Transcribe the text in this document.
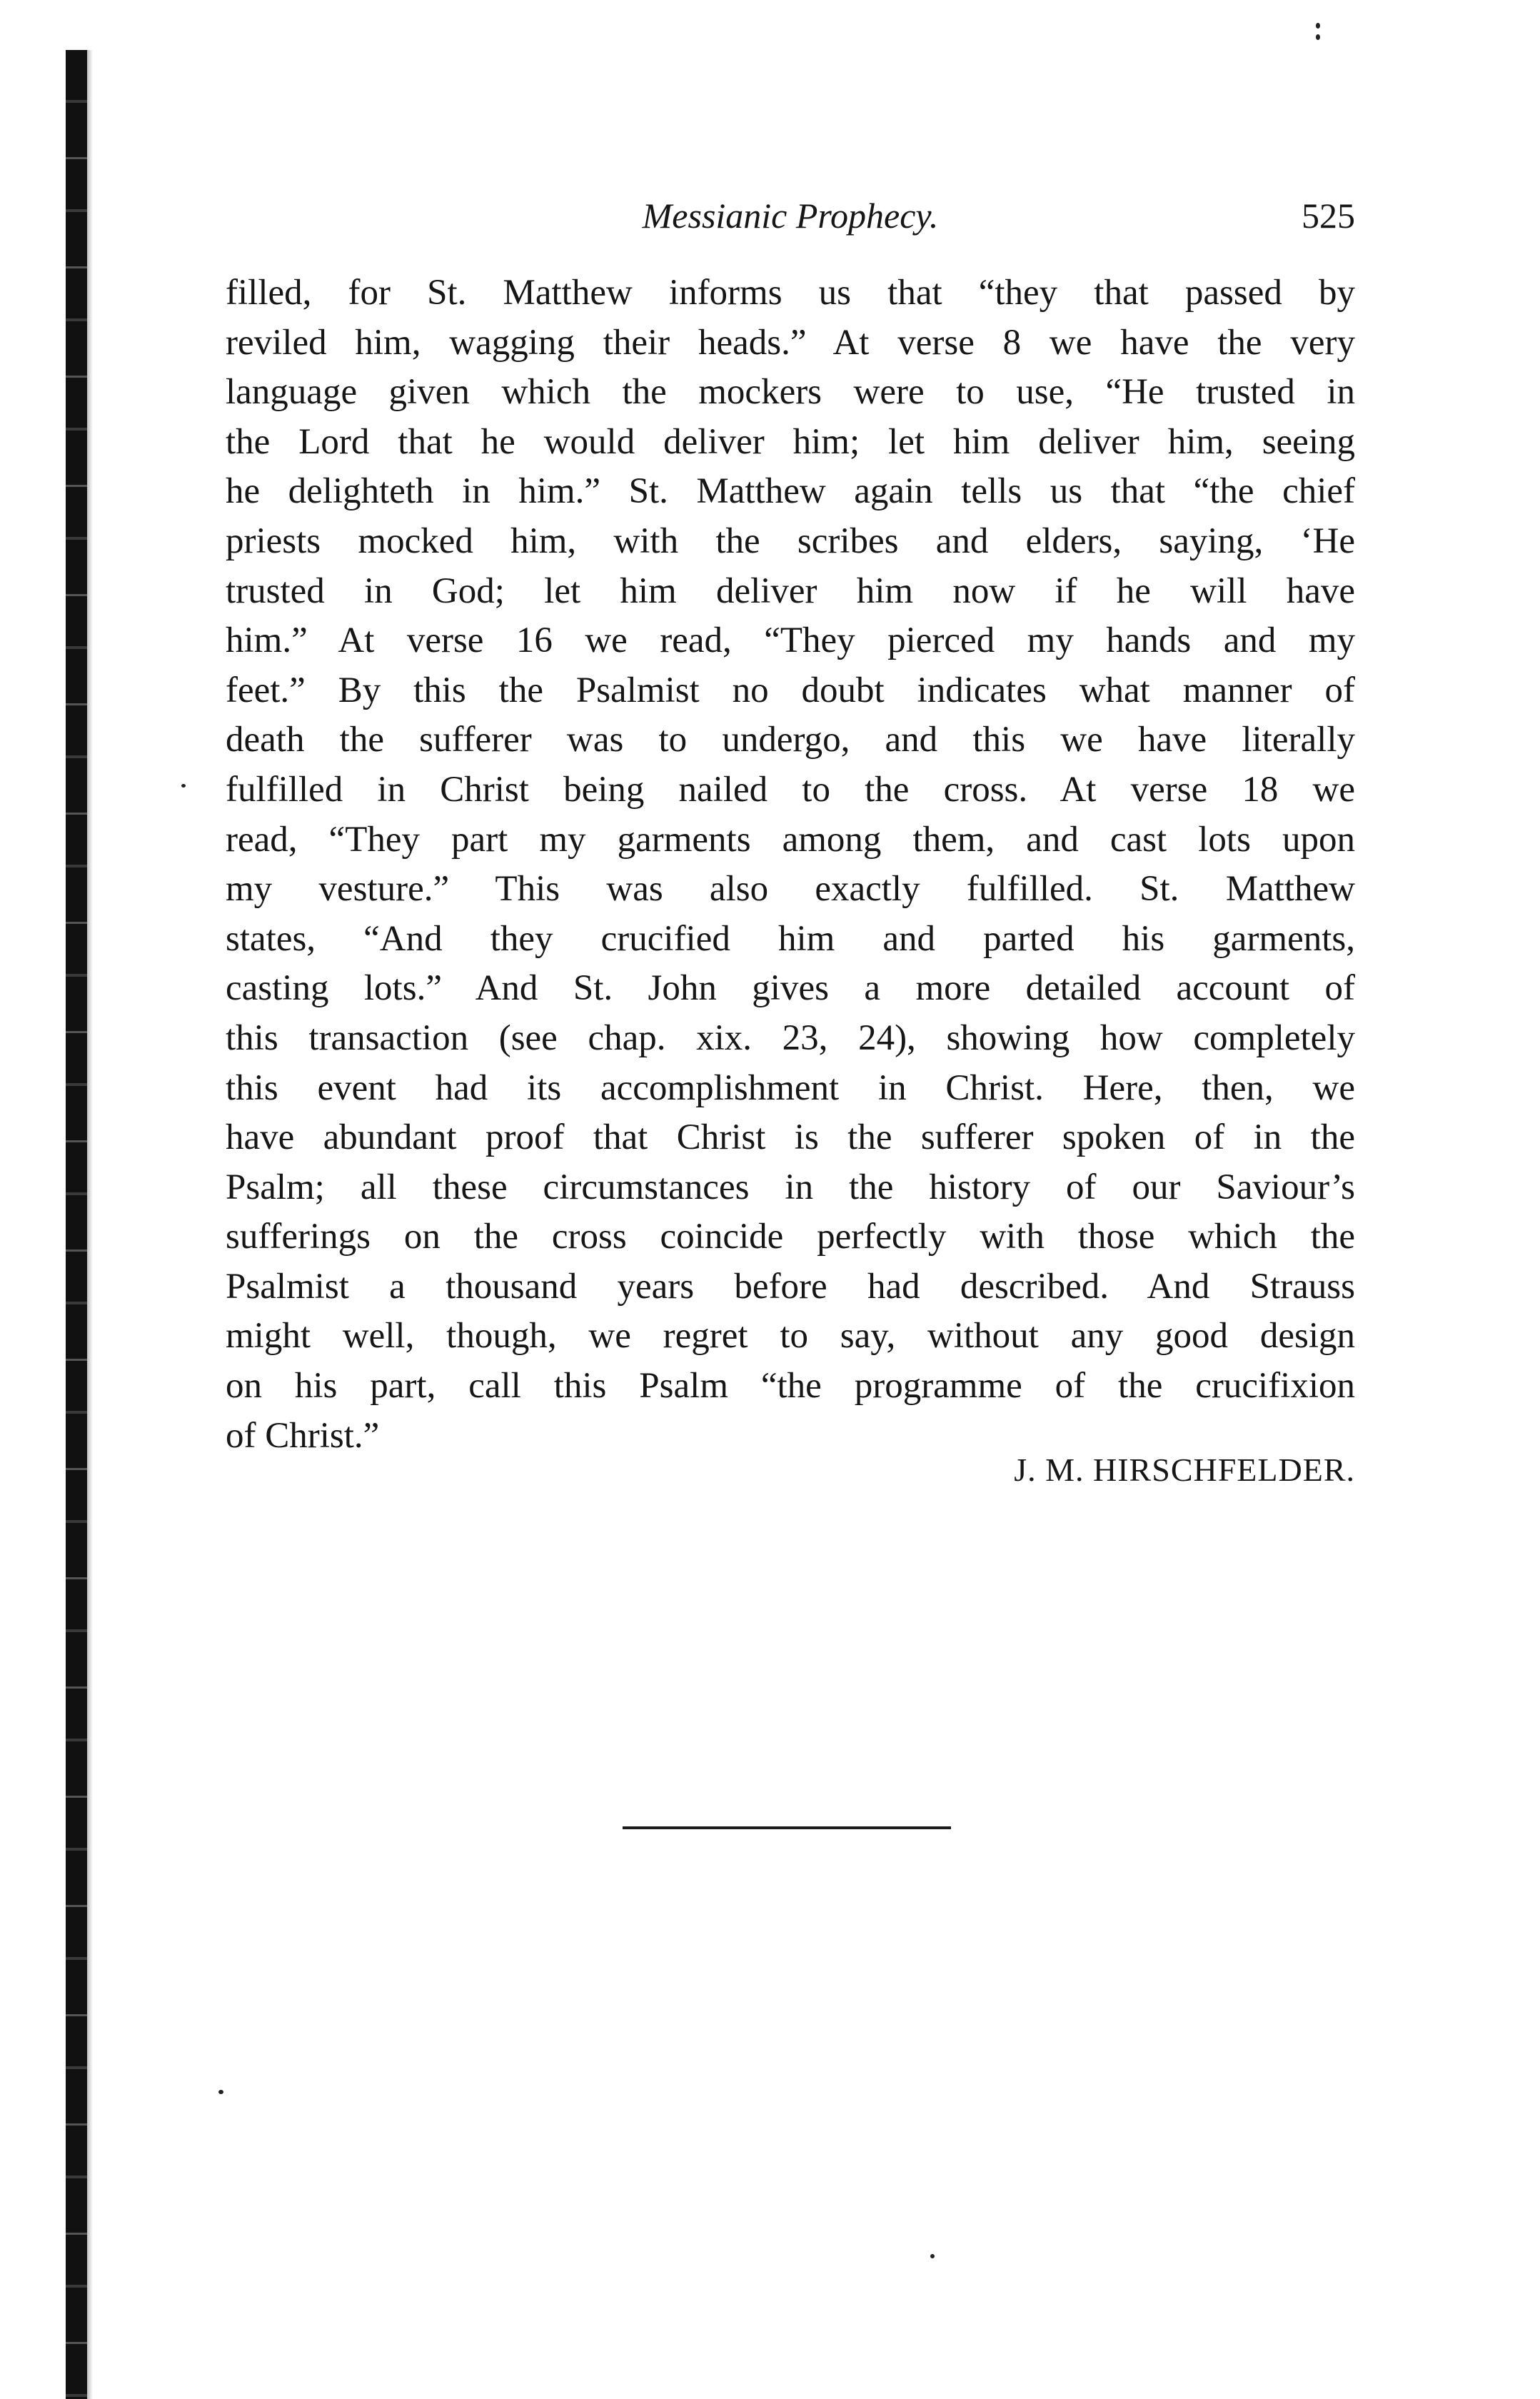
Messianic Prophecy.	525
filled, for St. Matthew informs us that “they that passed by
reviled him, wagging their heads.” At verse 8 we have the very
language given which the mockers were to use, “He trusted in
the Lord that he would deliver him; let him deliver him, seeing
he delighteth in him.” St. Matthew again tells us that “the chief
priests mocked him, with the scribes and elders, saying, ‘He
trusted in God; let him deliver him now if he will have
him.” At verse 16 we read, “They pierced my hands and my
feet.” By this the Psalmist no doubt indicates what manner of
death the sufferer was to undergo, and this we have literally
fulfilled in Christ being nailed to the cross. At verse 18 we
read, “They part my garments among them, and cast lots upon
my vesture.” This was also exactly fulfilled. St. Matthew
states, “And they crucified him and parted his garments,
casting lots.” And St. John gives a more detailed account of
this transaction (see chap. xix. 23, 24), showing how completely
this event had its accomplishment in Christ. Here, then, we
have abundant proof that Christ is the sufferer spoken of in the
Psalm; all these circumstances in the history of our Saviour’s
sufferings on the cross coincide perfectly with those which the
Psalmist a thousand years before had described. And Strauss
might well, though, we regret to say, without any good design
on his part, call this Psalm “the programme of the crucifixion
of Christ.”
J. M. HIRSCHFELDER.
